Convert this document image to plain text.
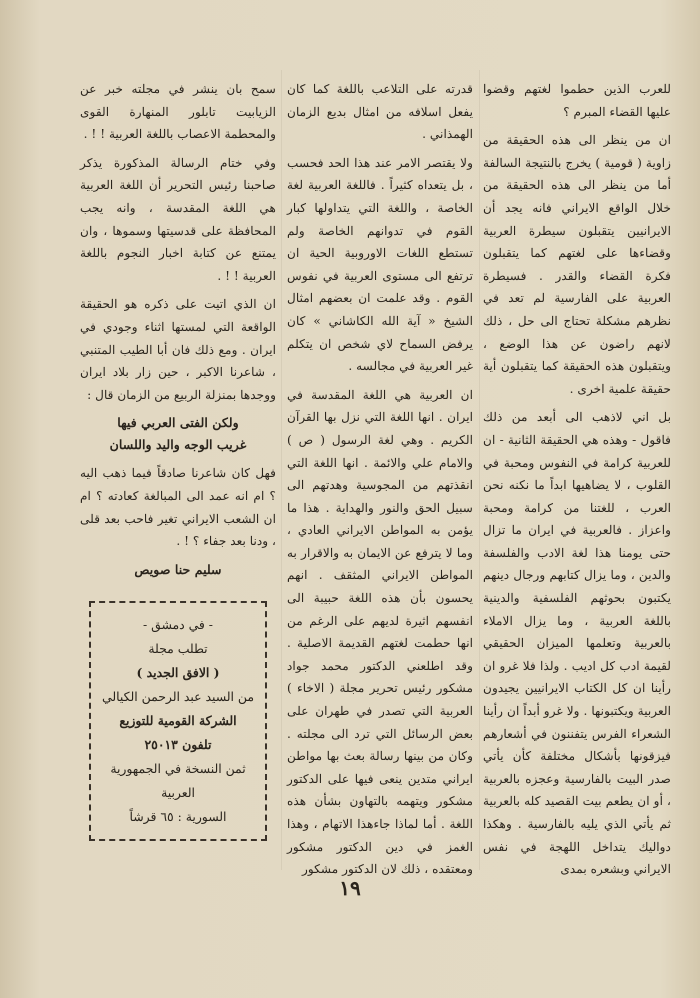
للعرب الذين حطموا لغتهم وقضوا عليها القضاء المبرم ؟

ان من ينظر الى هذه الحقيقة من زاوية ( قومية ) يخرج بالنتيجة السالفة أما من ينظر الى هذه الحقيقة من خلال الواقع الايراني فانه يجد أن الايرانيين يتقبلون سيطرة العربية وقضاءها على لغتهم كما يتقبلون فكرة القضاء والقدر . فسيطرة العربية على الفارسية لم تعد في نظرهم مشكلة تحتاج الى حل ، ذلك لانهم راضون عن هذا الوضع ، ويتقبلون هذه الحقيقة كما يتقبلون أية حقيقة علمية اخرى .

بل اني لاذهب الى أبعد من ذلك فاقول - وهذه هي الحقيقة الثانية - ان للعربية كرامة في النفوس ومحبة في القلوب ، لا يضاهيها ابداً ما نكنه نحن العرب ، للغتنا من كرامة ومحبة واعزاز . فالعربية في ايران ما تزال حتى يومنا هذا لغة الادب والفلسفة والدين ، وما يزال كتابهم ورجال دينهم يكتبون بحوثهم الفلسفية والدينية باللغة العربية ، وما يزال الاملاء بالعربية وتعلمها الميزان الحقيقي لقيمة ادب كل اديب . ولذا فلا غرو ان رأينا ان كل الكتاب الايرانيين يجيدون العربية ويكتبونها . ولا غرو أبداً ان رأينا الشعراء الفرس يتفننون في أشعارهم فيزقونها بأشكال مختلفة كأن يأتي صدر البيت بالفارسية وعجزه بالعربية ، أو ان يطعم بيت القصيد كله بالعربية ثم يأتي الذي يليه بالفارسية . وهكذا دواليك يتداخل اللهجة في نفس الايراني وبشعره بمدى

قدرته على التلاعب باللغة كما كان يفعل اسلافه من امثال بديع الزمان الهمذاني .

ولا يقتصر الامر عند هذا الحد فحسب ، بل يتعداه كثيراً . فاللغة العربية لغة الخاصة ، واللغة التي يتداولها كبار القوم في تدوانهم الخاصة ولم تستطع اللغات الاوروبية الحية ان ترتفع الى مستوى العربية في نفوس القوم . وقد علمت ان بعضهم امثال الشيخ « آية الله الكاشاني » كان يرفض السماح لاي شخص ان يتكلم غير العربية في مجالسه .

ان العربية هي اللغة المقدسة في ايران . انها اللغة التي نزل بها القرآن الكريم . وهي لغة الرسول ( ص ) والامام علي والائمة . انها اللغة التي انقذتهم من المجوسية وهدتهم الى سبيل الحق والنور والهداية . هذا ما يؤمن به المواطن الايراني العادي ، وما لا يترفع عن الايمان به والاقرار به المواطن الايراني المثقف . انهم يحسون بأن هذه اللغة حبيبة الى انفسهم اثيرة لديهم على الرغم من انها حطمت لغتهم القديمة الاصلية . وقد اطلعني الدكتور محمد جواد مشكور رئيس تحرير مجلة ( الاخاء ) العربية التي تصدر في طهران على بعض الرسائل التي ترد الى مجلته . وكان من بينها رسالة بعث بها مواطن ايراني متدين ينعى فيها على الدكتور مشكور ويتهمه بالتهاون بشأن هذه اللغة . أما لماذا جاءهذا الاتهام ، وهذا الغمز في دين الدكتور مشكور ومعتقده ، ذلك لان الدكتور مشكور

سمح بان ينشر في مجلته خبر عن الزيابيت تابلور المنهارة القوى والمحطمة الاعصاب باللغة العربية ! ! .

وفي ختام الرسالة المذكورة يذكر صاحبنا رئيس التحرير أن اللغة العربية هي اللغة المقدسة ، وانه يجب المحافظة على قدسيتها وسموها ، وان يمتنع عن كتابة اخبار النجوم باللغة العربية ! ! .

ان الذي اتيت على ذكره هو الحقيقة الواقعة التي لمستها اثناء وجودي في ايران . ومع ذلك فان أبا الطيب المتنبي ، شاعرنا الاكبر ، حين زار بلاد ايران ووجدها بمنزلة الربيع من الزمان قال :

ولكن الفتى العربي فيها
غريب الوجه واليد واللسان

فهل كان شاعرنا صادقاً فيما ذهب اليه ؟ ام انه عمد الى المبالغة كعادته ؟ ام ان الشعب الايراني تغير فاحب بعد قلى ، ودنا بعد جفاء ؟ ! .

سليم حنا صويص
- في دمشق -
تطلب مجلة
( الافق الجديد )
من السيد عبد الرحمن الكيالي
الشركة القومية للتوزيع
تلفون ٢٥٠١٣
ثمن النسخة في الجمهورية العربية
السورية : ٦٥ قرشاً
١٩
